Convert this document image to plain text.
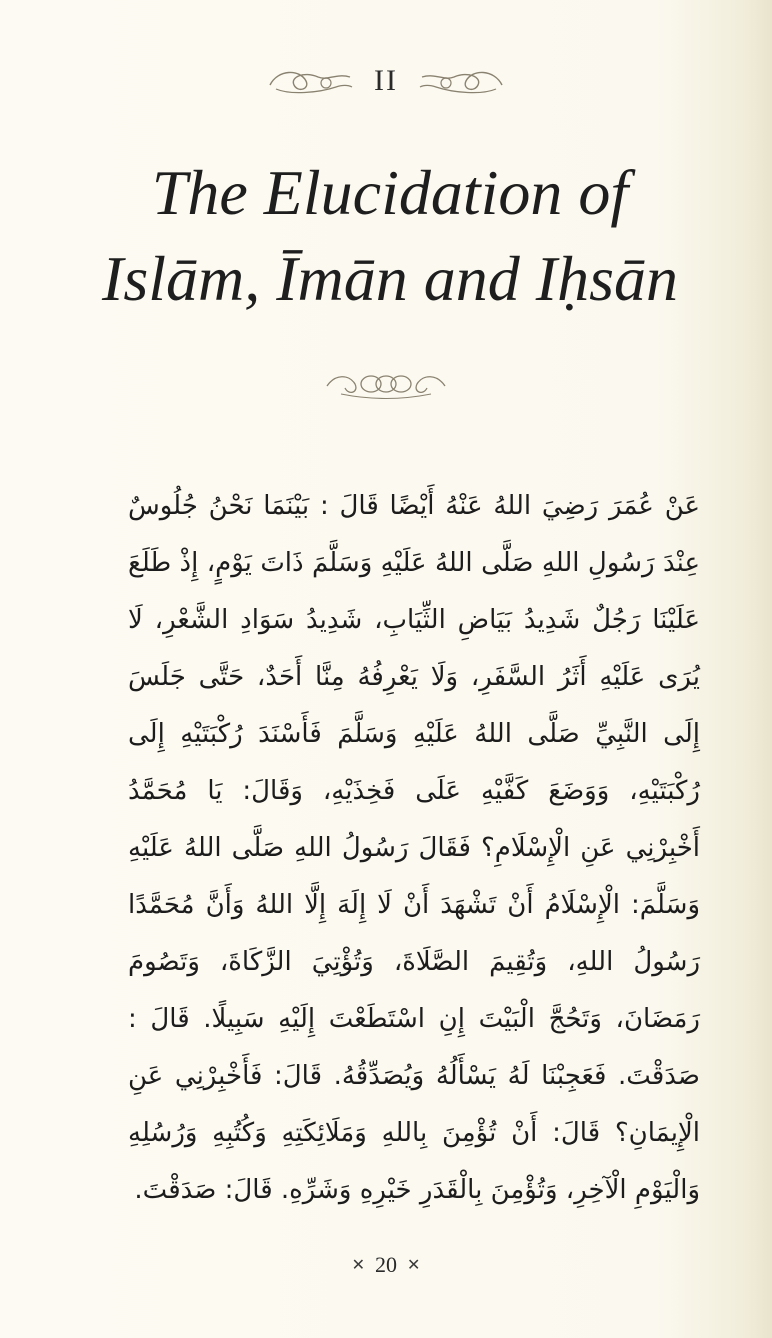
II
The Elucidation of
Islām, Īmān and Iḥsān
عَنْ عُمَرَ رَضِيَ اللهُ عَنْهُ أَيْضًا قَالَ : بَيْنَمَا نَحْنُ جُلُوسٌ عِنْدَ رَسُولِ اللهِ صَلَّى اللهُ عَلَيْهِ وَسَلَّمَ ذَاتَ يَوْمٍ، إِذْ طَلَعَ عَلَيْنَا رَجُلٌ شَدِيدُ بَيَاضِ الثِّيَابِ، شَدِيدُ سَوَادِ الشَّعْرِ، لَا يُرَى عَلَيْهِ أَثَرُ السَّفَرِ، وَلَا يَعْرِفُهُ مِنَّا أَحَدٌ، حَتَّى جَلَسَ إِلَى النَّبِيِّ صَلَّى اللهُ عَلَيْهِ وَسَلَّمَ فَأَسْنَدَ رُكْبَتَيْهِ إِلَى رُكْبَتَيْهِ، وَوَضَعَ كَفَّيْهِ عَلَى فَخِذَيْهِ، وَقَالَ: يَا مُحَمَّدُ أَخْبِرْنِي عَنِ الْإِسْلَامِ؟ فَقَالَ رَسُولُ اللهِ صَلَّى اللهُ عَلَيْهِ وَسَلَّمَ: الْإِسْلَامُ أَنْ تَشْهَدَ أَنْ لَا إِلَهَ إِلَّا اللهُ وَأَنَّ مُحَمَّدًا رَسُولُ اللهِ، وَتُقِيمَ الصَّلَاةَ، وَتُؤْتِيَ الزَّكَاةَ، وَتَصُومَ رَمَضَانَ، وَتَحُجَّ الْبَيْتَ إِنِ اسْتَطَعْتَ إِلَيْهِ سَبِيلًا. قَالَ : صَدَقْتَ. فَعَجِبْنَا لَهُ يَسْأَلُهُ وَيُصَدِّقُهُ. قَالَ: فَأَخْبِرْنِي عَنِ الْإِيمَانِ؟ قَالَ: أَنْ تُؤْمِنَ بِاللهِ وَمَلَائِكَتِهِ وَكُتُبِهِ وَرُسُلِهِ وَالْيَوْمِ الْآخِرِ، وَتُؤْمِنَ بِالْقَدَرِ خَيْرِهِ وَشَرِّهِ. قَالَ: صَدَقْتَ.
✕ 20 ✕
